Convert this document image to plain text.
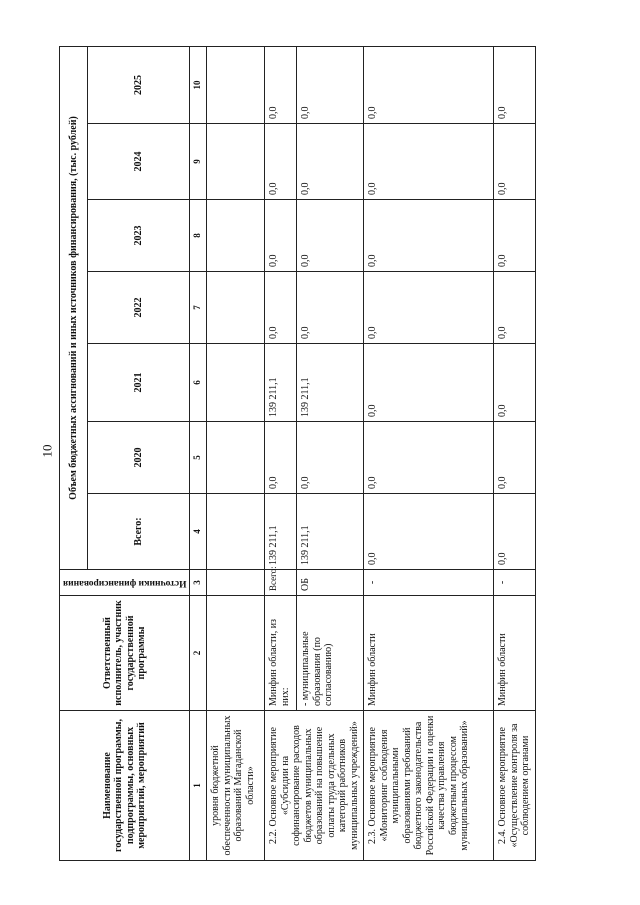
10
Наименование государственной программы, подпрограммы, основных мероприятий, мероприятий	Ответственный исполнитель, участник государственной программы	Источники финансирования	Объем бюджетных ассигнований и иных источников финансирования, (тыс. рублей)						
			Всего:	2020	2021	2022	2023	2024	2025
1	2	3	4	5	6	7	8	9	10
уровня бюджетной обеспеченности муниципальных образований Магаданской области»									
2.2. Основное мероприятие «Субсидии на софинансирование расходов бюджетов муниципальных образований на повышение оплаты труда отдельных категорий работников муниципальных учреждений»	Минфин области, из них:	Всего:	139 211,1	0,0	139 211,1	0,0	0,0	0,0	0,0
	- муниципальные образования (по согласованию)	ОБ	139 211,1	0,0	139 211,1	0,0	0,0	0,0	0,0
2.3. Основное мероприятие «Мониторинг соблюдения муниципальными образованиями требований бюджетного законодательства Российской Федерации и оценки качества управления бюджетным процессом муниципальных образований»	Минфин области	-	0,0	0,0	0,0	0,0	0,0	0,0	0,0
2.4. Основное мероприятие «Осуществление контроля за соблюдением органами	Минфин области	-	0,0	0,0	0,0	0,0	0,0	0,0	0,0
